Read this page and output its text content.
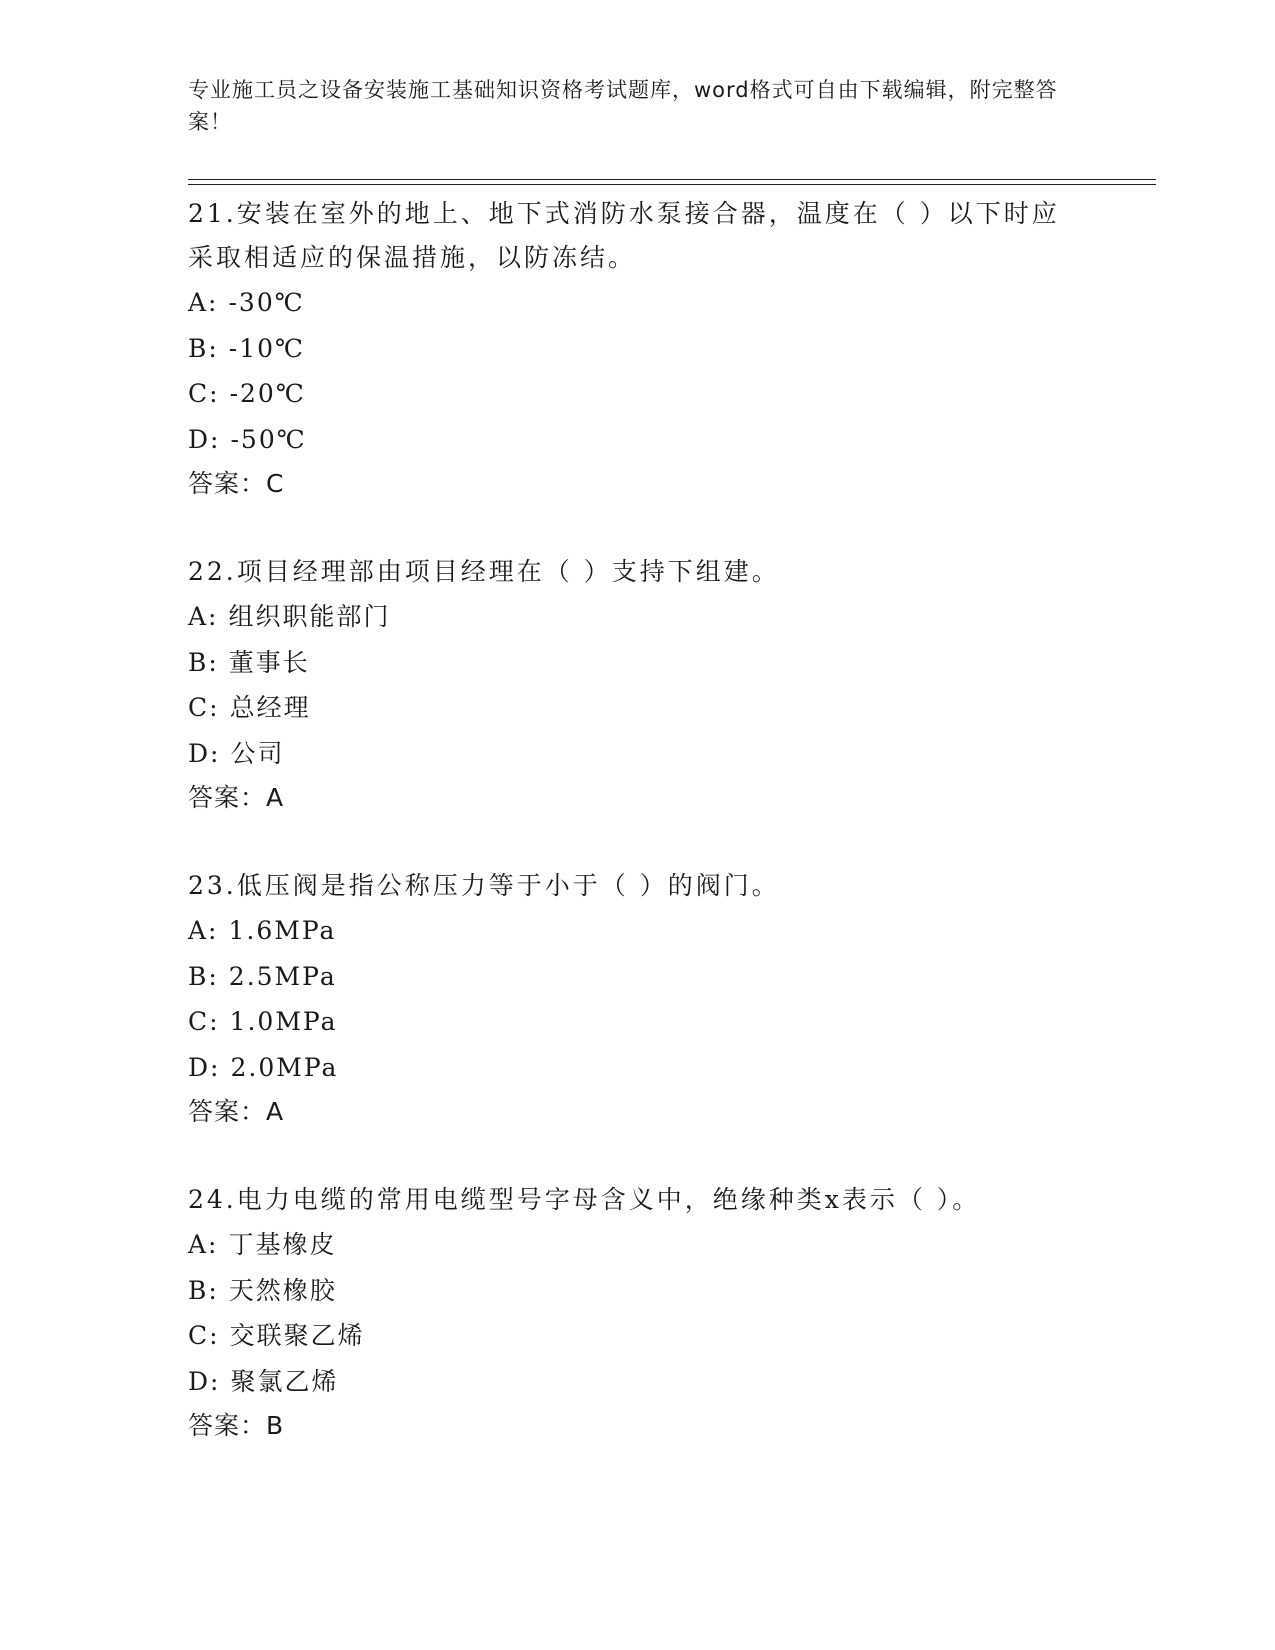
专业施工员之设备安装施工基础知识资格考试题库，word格式可自由下载编辑，附完整答案！

21.安装在室外的地上、地下式消防水泵接合器，温度在（ ）以下时应采取相适应的保温措施，以防冻结。

A: -30℃
B: -10℃
C: -20℃
D: -50℃
答案：C

22.项目经理部由项目经理在（ ）支持下组建。

A: 组织职能部门
B: 董事长
C: 总经理
D: 公司
答案：A

23.低压阀是指公称压力等于小于（ ）的阀门。

A: 1.6MPa
B: 2.5MPa
C: 1.0MPa
D: 2.0MPa
答案：A

24.电力电缆的常用电缆型号字母含义中，绝缘种类x表示（ ）。

A: 丁基橡皮
B: 天然橡胶
C: 交联聚乙烯
D: 聚氯乙烯
答案：B
